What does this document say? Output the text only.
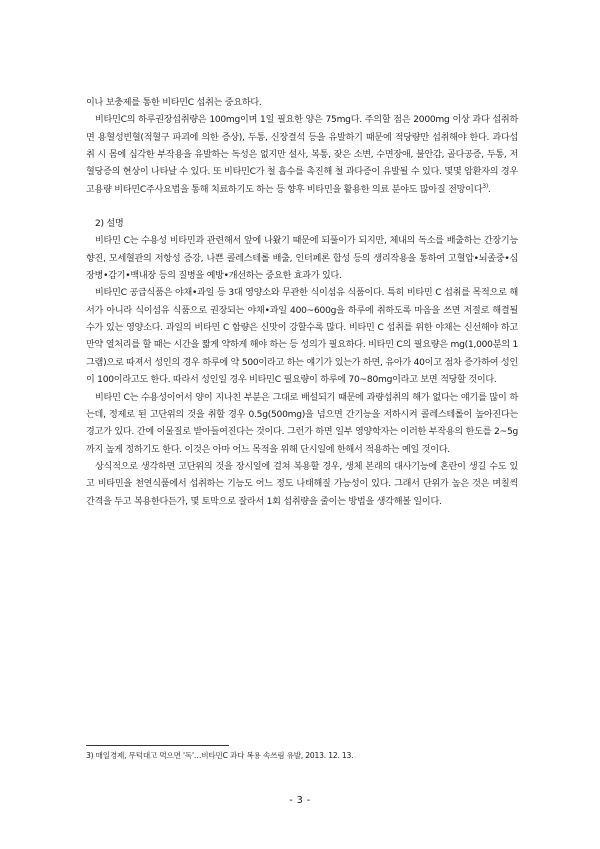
이나 보충제를 통한 비타민C 섭취는 중요하다.

비타민C의 하루권장섭취량은 100mg이며 1일 필요한 양은 75mg다. 주의할 점은 2000mg 이상 과다 섭취하면 용혈성빈혈(적혈구 파괴에 의한 증상), 두통, 신장결석 등을 유발하기 때문에 적당량만 섭취해야 한다. 과다섭취 시 몸에 심각한 부작용을 유발하는 독성은 없지만 설사, 복통, 잦은 소변, 수면장애, 불안감, 골다공증, 두통, 저혈당증의 현상이 나타날 수 있다. 또 비타민C가 철 흡수를 촉진해 철 과다증이 유발될 수 있다. 몇몇 암환자의 경우 고용량 비타민C주사요법을 통해 치료하기도 하는 등 향후 비타민을 활용한 의료 분야도 많아질 전망이다$^{3)}$.

2) 설명

비타민 C는 수용성 비타민과 관련해서 앞에 나왔기 때문에 되풀이가 되지만, 체내의 독소를 배출하는 간장기능 향진, 모세혈관의 저항성 증강, 나쁜 콜레스테롤 배출, 인터페론 합성 등의 생리작용을 통하여 고혈압•뇌졸중•심장병•감기•백내장 등의 질병을 예방•개선하는 중요한 효과가 있다.

비타민C 공급식품은 야채•과일 등 3대 영양소와 무관한 식이섬유 식품이다. 특히 비타민 C 섭취를 목적으로 해서가 아니라 식이섬유 식품으로 권장되는 야채•과일 400~600g을 하루에 취하도록 마음을 쓰면 저절로 해결될 수가 있는 영양소다. 과일의 비타민 C 함량은 신맛이 강할수록 많다. 비타민 C 섭취를 위한 야채는 신선해야 하고 만약 열처리를 할 때는 시간을 짧게 약하게 해야 하는 등 성의가 필요하다. 비타민 C의 필요량은 mg(1,000분의 1그램)으로 따져서 성인의 경우 하루에 약 500이라고 하는 얘기가 있는가 하면, 유아가 40이고 점차 증가하여 성인이 100이라고도 한다. 따라서 성인일 경우 비타민C 필요량이 하루에 70~80mg이라고 보면 적당할 것이다.

비타민 C는 수용성이어서 양이 지나친 부분은 그대로 배설되기 때문에 과량섭취의 해가 없다는 얘기를 많이 하는데, 정제로 된 고단위의 것을 취할 경우 0.5g(500mg)을 넘으면 간기능을 저하시켜 콜레스테롤이 높아진다는 경고가 있다. 간에 이물질로 받아들여진다는 것이다. 그런가 하면 일부 영양학자는 이러한 부작용의 한도를 2~5g까지 높게 정하기도 한다. 이것은 아마 어느 목적을 위해 단시일에 한해서 적용하는 예일 것이다.

상식적으로 생각하면 고단위의 것을 장시일에 걸쳐 복용할 경우, 생체 본래의 대사기능에 혼란이 생길 수도 있고 비타민을 천연식품에서 섭취하는 기능도 어느 정도 나태해질 가능성이 있다. 그래서 단위가 높은 것은 며칠씩 간격을 두고 복용한다든가, 몇 토막으로 잘라서 1회 섭취량을 줄이는 방법을 생각해볼 일이다.

3) 매일경제, 무턱대고 먹으면 '독'…비타민C 과다 복용 속쓰림 유발, 2013. 12. 13.
- 3 -
